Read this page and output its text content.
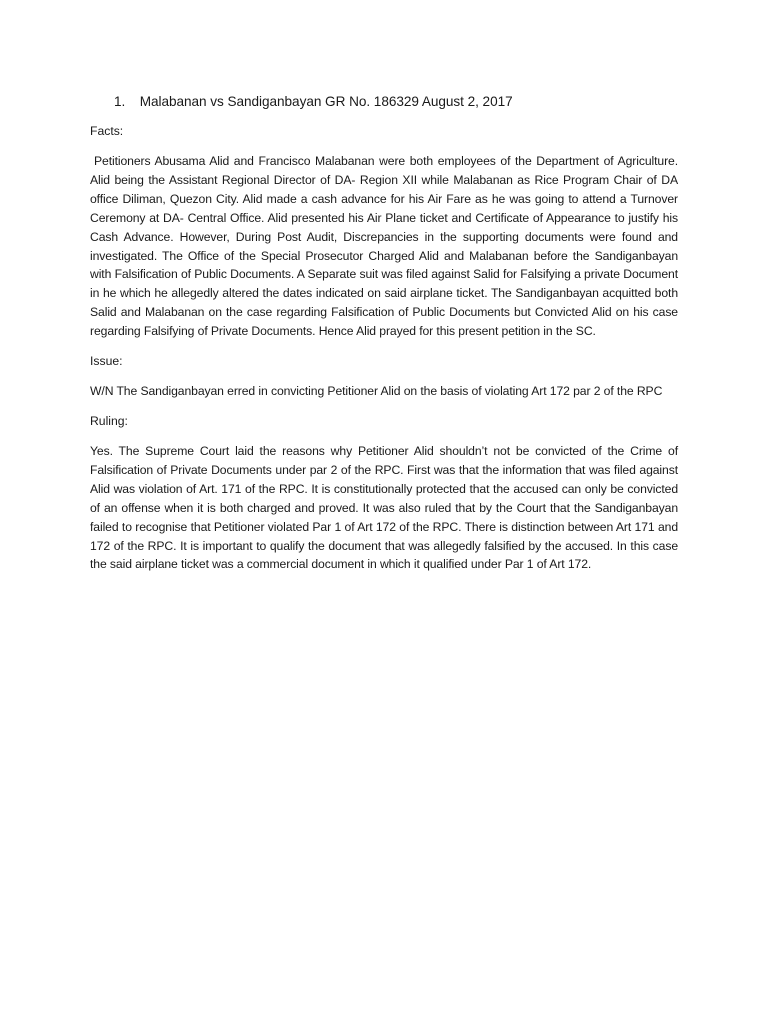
1. Malabanan vs Sandiganbayan GR No. 186329 August 2, 2017
Facts:
Petitioners Abusama Alid and Francisco Malabanan were both employees of the Department of Agriculture. Alid being the Assistant Regional Director of DA- Region XII while Malabanan as Rice Program Chair of DA office Diliman, Quezon City. Alid made a cash advance for his Air Fare as he was going to attend a Turnover Ceremony at DA- Central Office. Alid presented his Air Plane ticket and Certificate of Appearance to justify his Cash Advance. However, During Post Audit, Discrepancies in the supporting documents were found and investigated. The Office of the Special Prosecutor Charged Alid and Malabanan before the Sandiganbayan with Falsification of Public Documents. A Separate suit was filed against Salid for Falsifying a private Document in he which he allegedly altered the dates indicated on said airplane ticket. The Sandiganbayan acquitted both Salid and Malabanan on the case regarding Falsification of Public Documents but Convicted Alid on his case regarding Falsifying of Private Documents. Hence Alid prayed for this present petition in the SC.
Issue:
W/N The Sandiganbayan erred in convicting Petitioner Alid on the basis of violating Art 172 par 2 of the RPC
Ruling:
Yes. The Supreme Court laid the reasons why Petitioner Alid shouldn’t not be convicted of the Crime of Falsification of Private Documents under par 2 of the RPC. First was that the information that was filed against Alid was violation of Art. 171 of the RPC. It is constitutionally protected that the accused can only be convicted of an offense when it is both charged and proved. It was also ruled that by the Court that the Sandiganbayan failed to recognise that Petitioner violated Par 1 of Art 172 of the RPC. There is distinction between Art 171 and 172 of the RPC. It is important to qualify the document that was allegedly falsified by the accused. In this case the said airplane ticket was a commercial document in which it qualified under Par 1 of Art 172.
